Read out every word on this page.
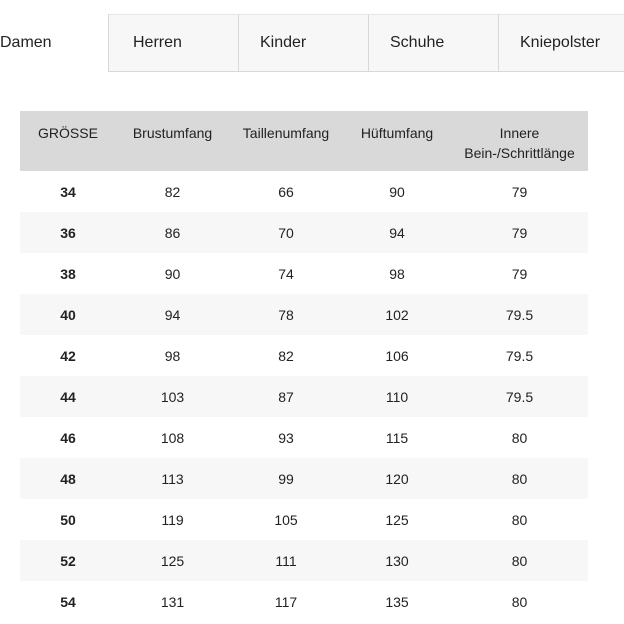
Damen	Herren	Kinder	Schuhe	Kniepolster
GRÖSSE	Brustumfang	Taillenumfang	Hüftumfang	Innere
Bein-/Schrittlänge

34	82	66	90	79
36	86	70	94	79
38	90	74	98	79
40	94	78	102	79.5
42	98	82	106	79.5
44	103	87	110	79.5
46	108	93	115	80
48	113	99	120	80
50	119	105	125	80
52	125	111	130	80
54	131	117	135	80
